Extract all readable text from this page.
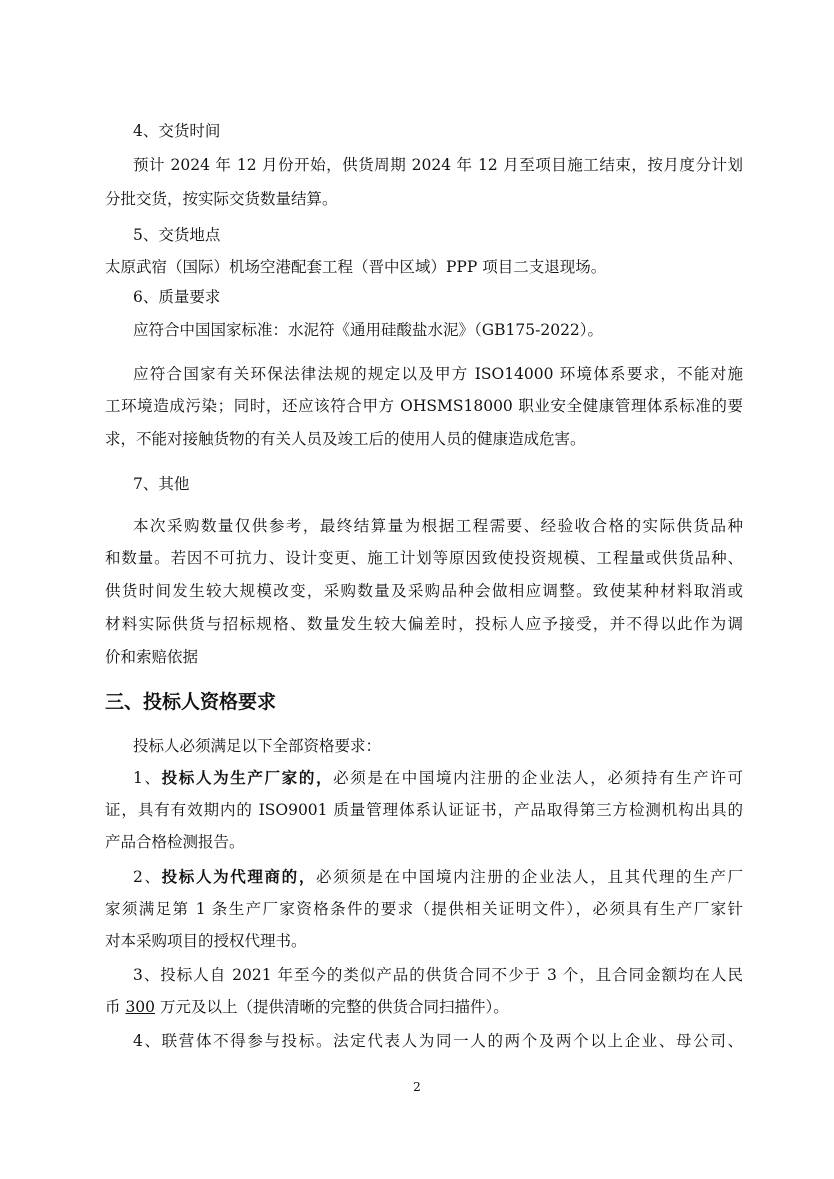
4、交货时间
预计 2024 年 12 月份开始，供货周期 2024 年 12 月至项目施工结束，按月度分计划
分批交货，按实际交货数量结算。
5、交货地点
太原武宿（国际）机场空港配套工程（晋中区域）PPP 项目二支退现场。
6、质量要求
应符合中国国家标准：水泥符《通用硅酸盐水泥》（GB175-2022）。
应符合国家有关环保法律法规的规定以及甲方 ISO14000 环境体系要求，不能对施
工环境造成污染；同时，还应该符合甲方 OHSMS18000 职业安全健康管理体系标准的要
求，不能对接触货物的有关人员及竣工后的使用人员的健康造成危害。
7、其他
本次采购数量仅供参考，最终结算量为根据工程需要、经验收合格的实际供货品种
和数量。若因不可抗力、设计变更、施工计划等原因致使投资规模、工程量或供货品种、
供货时间发生较大规模改变，采购数量及采购品种会做相应调整。致使某种材料取消或
材料实际供货与招标规格、数量发生较大偏差时，投标人应予接受，并不得以此作为调
价和索赔依据
三、投标人资格要求
投标人必须满足以下全部资格要求：
1、投标人为生产厂家的，必须是在中国境内注册的企业法人，必须持有生产许可
证，具有有效期内的 ISO9001 质量管理体系认证证书，产品取得第三方检测机构出具的
产品合格检测报告。
2、投标人为代理商的，必须须是在中国境内注册的企业法人，且其代理的生产厂
家须满足第 1 条生产厂家资格条件的要求（提供相关证明文件），必须具有生产厂家针
对本采购项目的授权代理书。
3、投标人自 2021 年至今的类似产品的供货合同不少于 3 个，且合同金额均在人民
币 300 万元及以上（提供清晰的完整的供货合同扫描件）。
4、联营体不得参与投标。法定代表人为同一人的两个及两个以上企业、母公司、
2
